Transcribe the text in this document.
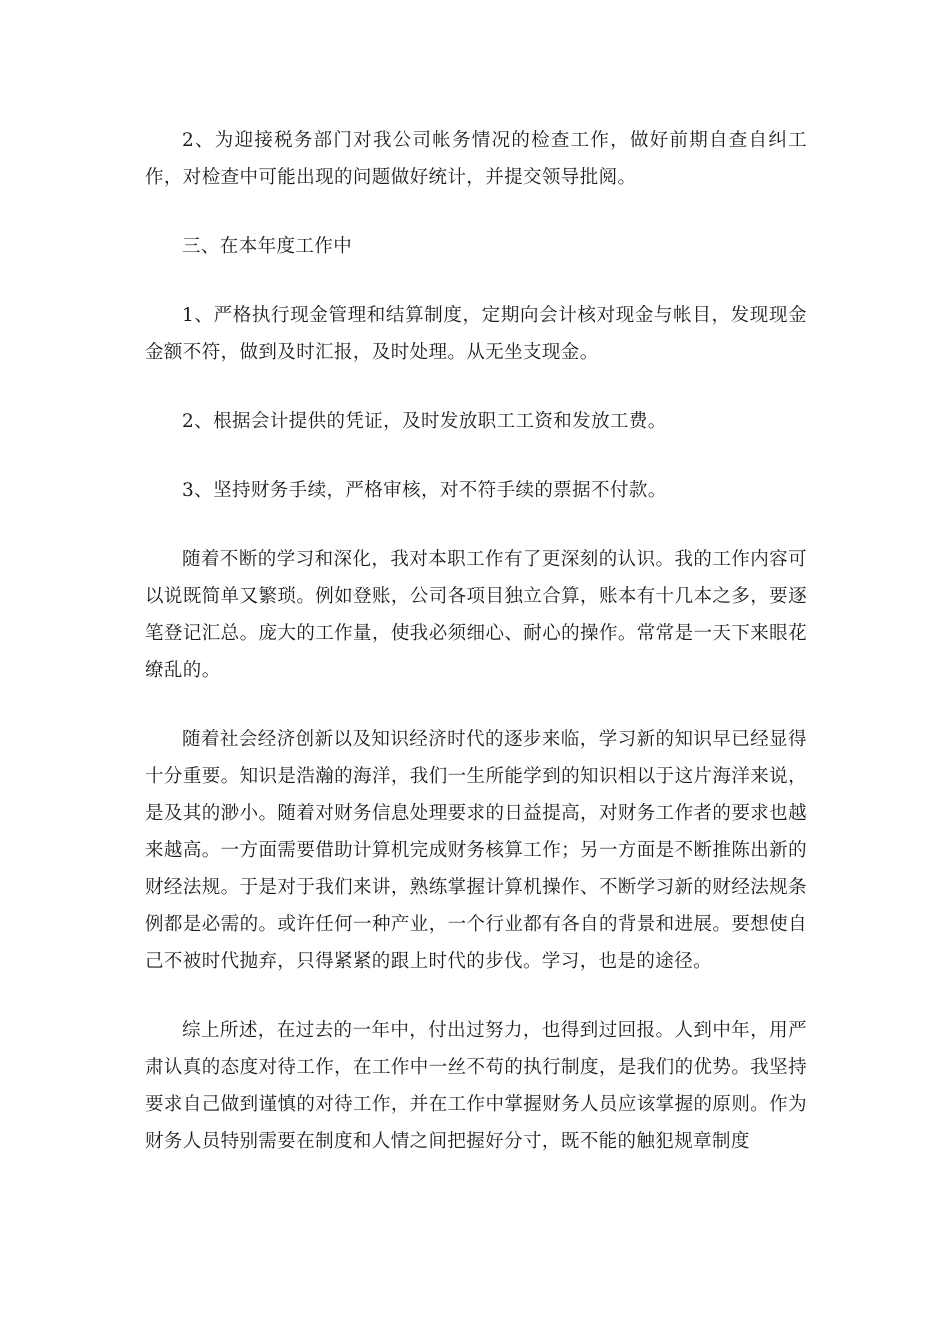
2、为迎接税务部门对我公司帐务情况的检查工作，做好前期自查自纠工作，对检查中可能出现的问题做好统计，并提交领导批阅。

三、在本年度工作中

1、严格执行现金管理和结算制度，定期向会计核对现金与帐目，发现现金金额不符，做到及时汇报，及时处理。从无坐支现金。

2、根据会计提供的凭证，及时发放职工工资和发放工费。

3、坚持财务手续，严格审核，对不符手续的票据不付款。

随着不断的学习和深化，我对本职工作有了更深刻的认识。我的工作内容可以说既简单又繁琐。例如登账，公司各项目独立合算，账本有十几本之多，要逐笔登记汇总。庞大的工作量，使我必须细心、耐心的操作。常常是一天下来眼花缭乱的。

随着社会经济创新以及知识经济时代的逐步来临，学习新的知识早已经显得十分重要。知识是浩瀚的海洋，我们一生所能学到的知识相以于这片海洋来说，是及其的渺小。随着对财务信息处理要求的日益提高，对财务工作者的要求也越来越高。一方面需要借助计算机完成财务核算工作；另一方面是不断推陈出新的财经法规。于是对于我们来讲，熟练掌握计算机操作、不断学习新的财经法规条例都是必需的。或许任何一种产业，一个行业都有各自的背景和进展。要想使自己不被时代抛弃，只得紧紧的跟上时代的步伐。学习，也是的途径。

综上所述，在过去的一年中，付出过努力，也得到过回报。人到中年，用严肃认真的态度对待工作，在工作中一丝不苟的执行制度，是我们的优势。我坚持要求自己做到谨慎的对待工作，并在工作中掌握财务人员应该掌握的原则。作为财务人员特别需要在制度和人情之间把握好分寸，既不能的触犯规章制度
